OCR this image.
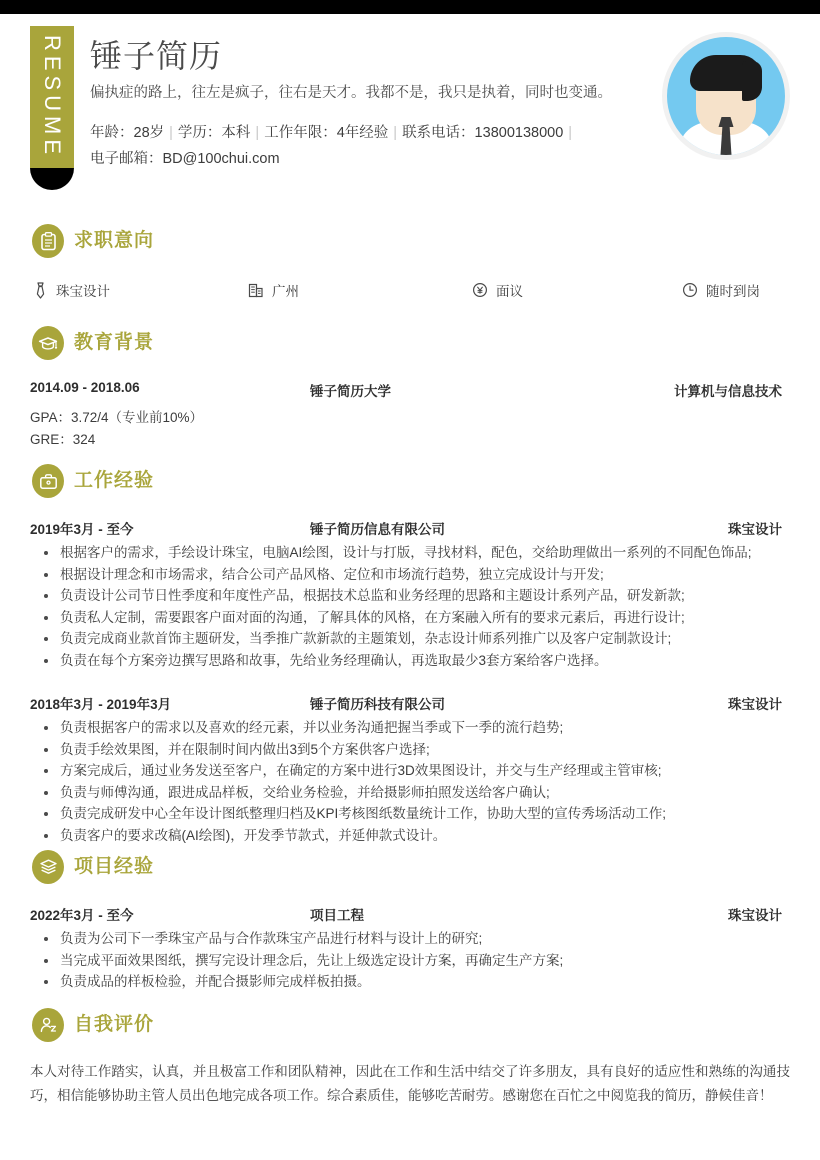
RESUME 锤子简历
偏执症的路上，往左是疯子，往右是天才。我都不是，我只是执着，同时也变通。
年龄：28岁 | 学历：本科 | 工作年限：4年经验 | 联系电话：13800138000 |
电子邮箱：BD@100chui.com
求职意向
珠宝设计	广州	面议	随时到岗
教育背景
2014.09 - 2018.06	锤子简历大学	计算机与信息技术
GPA：3.72/4（专业前10%）
GRE：324
工作经验
2019年3月 - 至今	锤子简历信息有限公司	珠宝设计
根据客户的需求，手绘设计珠宝，电脑AI绘图，设计与打版，寻找材料，配色，交给助理做出一系列的不同配色饰品;
根据设计理念和市场需求，结合公司产品风格、定位和市场流行趋势，独立完成设计与开发;
负责设计公司节日性季度和年度性产品，根据技术总监和业务经理的思路和主题设计系列产品，研发新款;
负责私人定制，需要跟客户面对面的沟通，了解具体的风格，在方案融入所有的要求元素后，再进行设计;
负责完成商业款首饰主题研发，当季推广款新款的主题策划，杂志设计师系列推广以及客户定制款设计;
负责在每个方案旁边撰写思路和故事，先给业务经理确认，再选取最少3套方案给客户选择。
2018年3月 - 2019年3月	锤子简历科技有限公司	珠宝设计
负责根据客户的需求以及喜欢的经元素，并以业务沟通把握当季或下一季的流行趋势;
负责手绘效果图，并在限制时间内做出3到5个方案供客户选择;
方案完成后，通过业务发送至客户，在确定的方案中进行3D效果图设计，并交与生产经理或主管审核;
负责与师傅沟通，跟进成品样板，交给业务检验，并给摄影师拍照发送给客户确认;
负责完成研发中心全年设计图纸整理归档及KPI考核图纸数量统计工作，协助大型的宣传秀场活动工作;
负责客户的要求改稿(AI绘图)，开发季节款式，并延伸款式设计。
项目经验
2022年3月 - 至今	项目工程	珠宝设计
负责为公司下一季珠宝产品与合作款珠宝产品进行材料与设计上的研究;
当完成平面效果图纸，撰写完设计理念后，先让上级选定设计方案，再确定生产方案;
负责成品的样板检验，并配合摄影师完成样板拍摄。
自我评价
本人对待工作踏实，认真，并且极富工作和团队精神，因此在工作和生活中结交了许多朋友，具有良好的适应性和熟练的沟通技巧，相信能够协助主管人员出色地完成各项工作。综合素质佳，能够吃苦耐劳。感谢您在百忙之中阅览我的简历，静候佳音！
